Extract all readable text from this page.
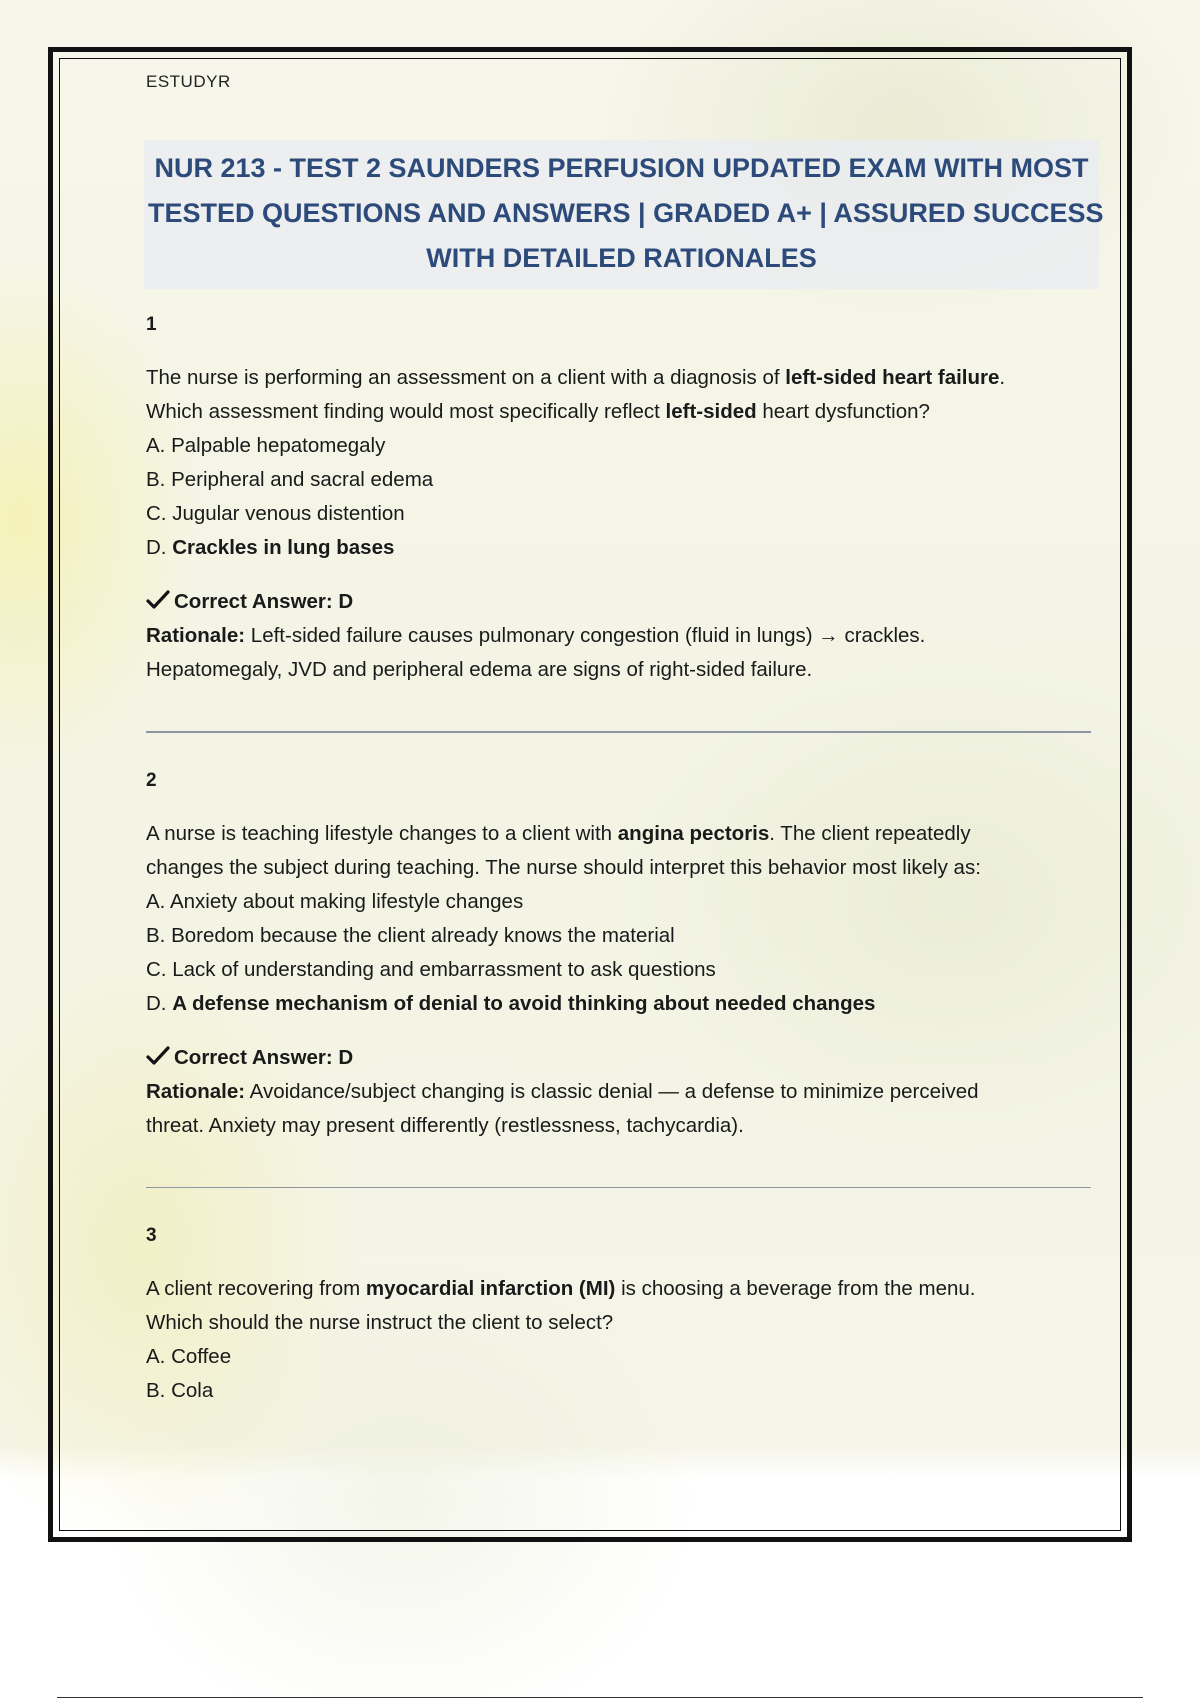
ESTUDYR

NUR 213 - TEST 2 SAUNDERS PERFUSION UPDATED EXAM WITH MOST

TESTED QUESTIONS AND ANSWERS | GRADED A+ | ASSURED SUCCESS

WITH DETAILED RATIONALES

1

The nurse is performing an assessment on a client with a diagnosis of left-sided heart failure.
Which assessment finding would most specifically reflect left-sided heart dysfunction?

A. Palpable hepatomegaly

B. Peripheral and sacral edema

C. Jugular venous distention

D. Crackles in lung bases

Correct Answer: D

Rationale: Left-sided failure causes pulmonary congestion (fluid in lungs) → crackles.
Hepatomegaly, JVD and peripheral edema are signs of right-sided failure.

2

A nurse is teaching lifestyle changes to a client with angina pectoris. The client repeatedly
changes the subject during teaching. The nurse should interpret this behavior most likely as:

A. Anxiety about making lifestyle changes

B. Boredom because the client already knows the material

C. Lack of understanding and embarrassment to ask questions

D. A defense mechanism of denial to avoid thinking about needed changes

Correct Answer: D

Rationale: Avoidance/subject changing is classic denial — a defense to minimize perceived
threat. Anxiety may present differently (restlessness, tachycardia).

3

A client recovering from myocardial infarction (MI) is choosing a beverage from the menu.
Which should the nurse instruct the client to select?

A. Coffee

B. Cola
